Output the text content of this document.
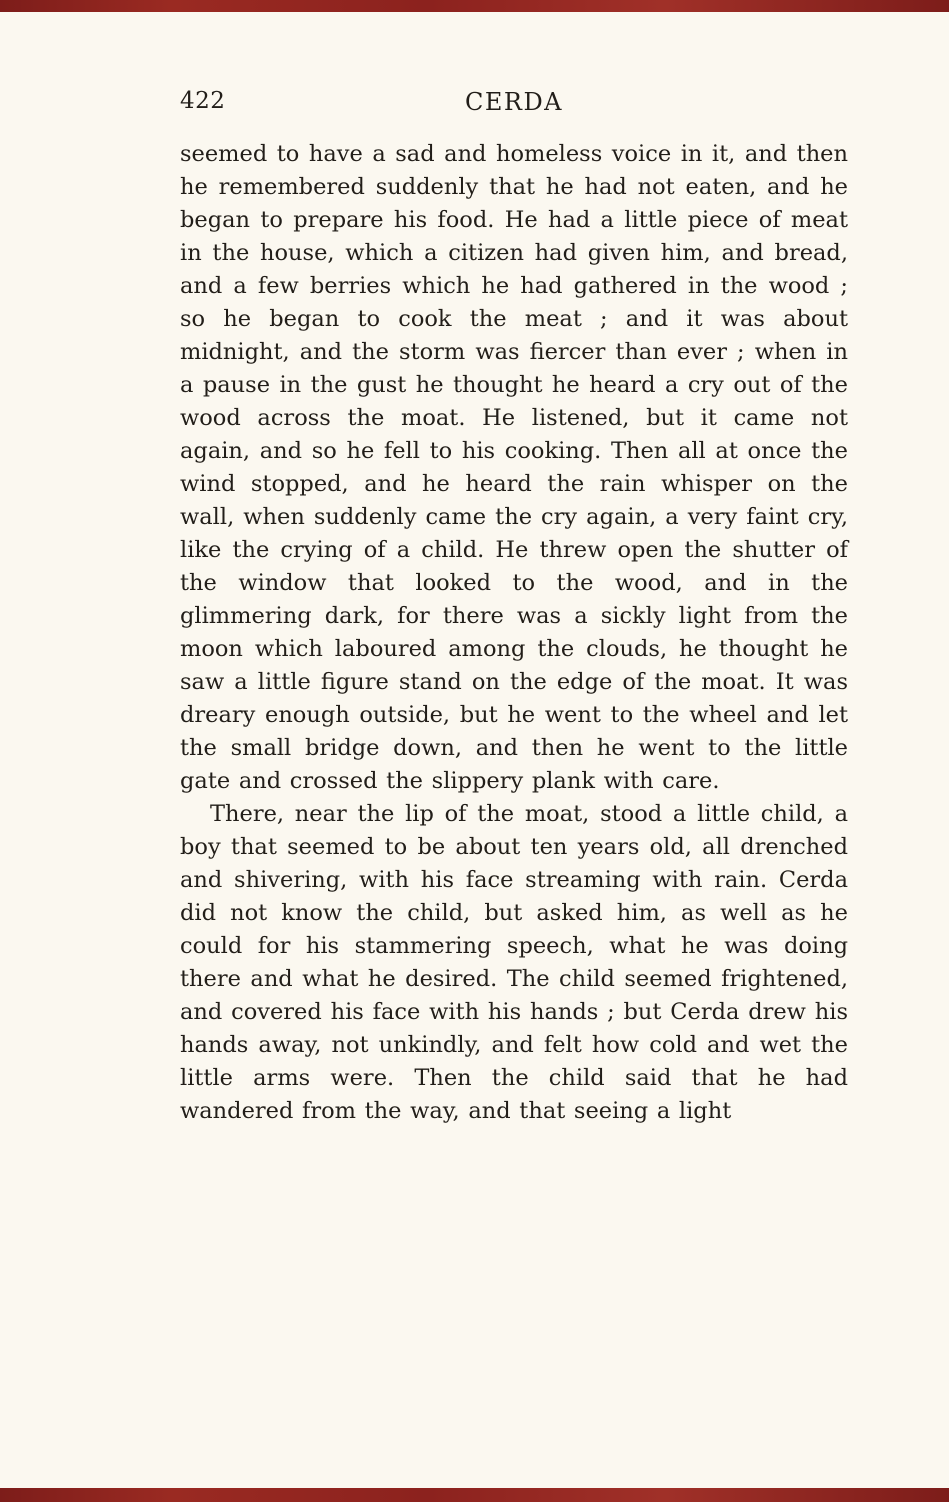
422	CERDA

seemed to have a sad and homeless voice in it, and then he remembered suddenly that he had not eaten, and he began to prepare his food. He had a little piece of meat in the house, which a citizen had given him, and bread, and a few berries which he had gathered in the wood ; so he began to cook the meat ; and it was about midnight, and the storm was fiercer than ever ; when in a pause in the gust he thought he heard a cry out of the wood across the moat. He listened, but it came not again, and so he fell to his cooking. Then all at once the wind stopped, and he heard the rain whisper on the wall, when suddenly came the cry again, a very faint cry, like the crying of a child. He threw open the shutter of the window that looked to the wood, and in the glimmering dark, for there was a sickly light from the moon which laboured among the clouds, he thought he saw a little figure stand on the edge of the moat. It was dreary enough outside, but he went to the wheel and let the small bridge down, and then he went to the little gate and crossed the slippery plank with care.

There, near the lip of the moat, stood a little child, a boy that seemed to be about ten years old, all drenched and shivering, with his face streaming with rain. Cerda did not know the child, but asked him, as well as he could for his stammering speech, what he was doing there and what he desired. The child seemed frightened, and covered his face with his hands ; but Cerda drew his hands away, not unkindly, and felt how cold and wet the little arms were. Then the child said that he had wandered from the way, and that seeing a light
